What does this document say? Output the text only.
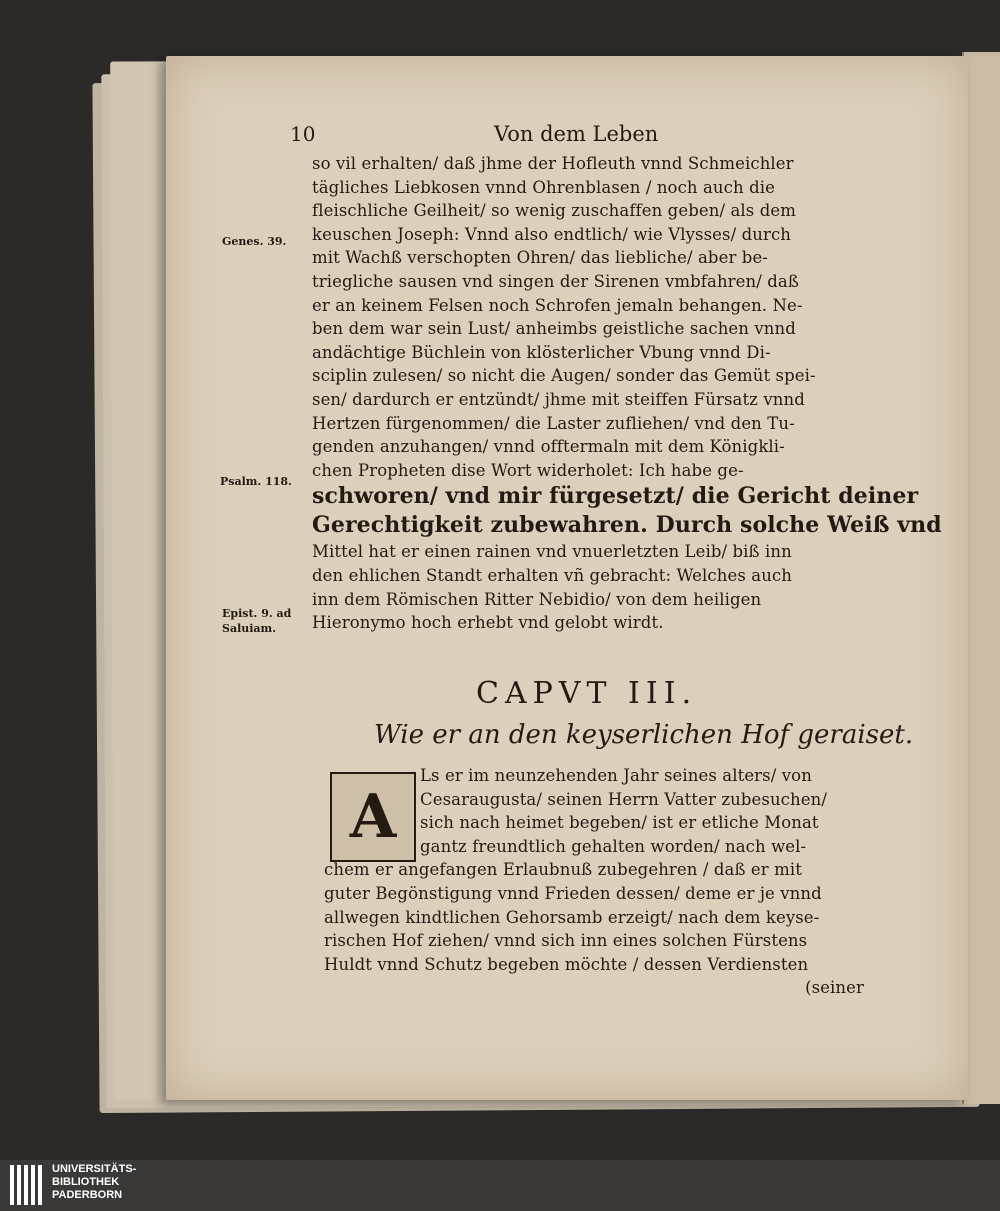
10	Von dem Leben
Genes. 39.
Psalm. 118.
Epist. 9. ad
Saluiam.
so vil erhalten/ daß jhme der Hofleuth vnnd Schmeichler
tägliches Liebkosen vnnd Ohrenblasen / noch auch die
fleischliche Geilheit/ so wenig zuschaffen geben/ als dem
keuschen Joseph: Vnnd also endtlich/ wie Vlysses/ durch
mit Wachß verschopten Ohren/ das liebliche/ aber be-
triegliche sausen vnd singen der Sirenen vmbfahren/ daß
er an keinem Felsen noch Schrofen jemaln behangen. Ne-
ben dem war sein Lust/ anheimbs geistliche sachen vnnd
andächtige Büchlein von klösterlicher Vbung vnnd Di-
sciplin zulesen/ so nicht die Augen/ sonder das Gemüt spei-
sen/ dardurch er entzündt/ jhme mit steiffen Fürsatz vnnd
Hertzen fürgenommen/ die Laster zufliehen/ vnd den Tu-
genden anzuhangen/ vnnd offtermaln mit dem Königkli-
chen Propheten dise Wort widerholet: Ich habe ge-
schworen/ vnd mir fürgesetzt/ die Gericht deiner
Gerechtigkeit zubewahren. Durch solche Weiß vnd
Mittel hat er einen rainen vnd vnuerletzten Leib/ biß inn
den ehlichen Standt erhalten vñ gebracht: Welches auch
inn dem Römischen Ritter Nebidio/ von dem heiligen
Hieronymo hoch erhebt vnd gelobt wirdt.
CAPVT III.
Wie er an den keyserlichen Hof geraiset.
A
Ls er im neunzehenden Jahr seines alters/ von
Cesaraugusta/ seinen Herrn Vatter zubesuchen/
sich nach heimet begeben/ ist er etliche Monat
gantz freundtlich gehalten worden/ nach wel-
chem er angefangen Erlaubnuß zubegehren / daß er mit
guter Begönstigung vnnd Frieden dessen/ deme er je vnnd
allwegen kindtlichen Gehorsamb erzeigt/ nach dem keyse-
rischen Hof ziehen/ vnnd sich inn eines solchen Fürstens
Huldt vnnd Schutz begeben möchte / dessen Verdiensten
(seiner
UNIVERSITÄTS-
BIBLIOTHEK
PADERBORN
